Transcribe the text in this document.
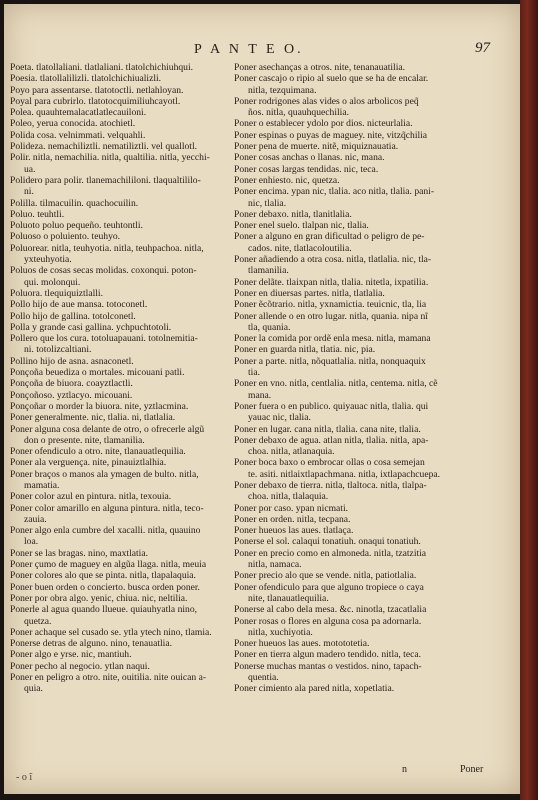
P A N T E O.	97
Poeta. tlatollaliani. tlatlaliani. tlatolchichiuhqui.
Poesia. tlatollalilizli. tlatolchichiualizli.
Poyo para assentarse. tlatotoctli. netlahloyan.
Poyal para cubrirlo. tlatotocquimiliuhcayotl.
Polea. quauhtemalacatlatlecauiloni.
Poleo, yerua conocida. atochietl.
Polida cosa. velnimmati. velquahli.
Polideza. nemachiliztli. nematiliztli. vel quallotl.
Polir. nitla, nemachilia. nitla, qualtilia. nitla, yecchi-
ua.
Polidero para polir. tlanemachililoni. tlaqualtililo-
ni.
Polilla. tilmacuilin. quachocuilin.
Poluo. teuhtli.
Poluoto poluo pequeño. teuhtontli.
Poluoso o poluiento. teuhyo.
Poluorear. nitla, teuhyotia. nitla, teuhpachoa. nitla,
yxteuhyotia.
Poluos de cosas secas molidas. coxonqui. poton-
qui. molonqui.
Poluora. tlequiquiztlalli.
Pollo hijo de aue mansa. totoconetl.
Pollo hijo de gallina. totolconetl.
Polla y grande casi gallina. ychpuchtotoli.
Pollero que los cura. totoluapauani. totolnemitia-
ni. totolizcaltiani.
Pollino hijo de asna. asnaconetl.
Ponçoña beuediza o mortales. micouani patli.
Ponçoña de biuora. coayztlactli.
Ponçoñoso. yztlacyo. micouani.
Ponçoñar o morder la biuora. nite, yztlacmina.
Poner generalmente. nic, tlalia. ni, tlatlalia.
Poner alguna cosa delante de otro, o ofrecerle algũ
don o presente. nite, tlamanilia.
Poner ofendiculo a otro. nite, tlanauatlequilia.
Poner ala verguença. nite, pinauiztlalhia.
Poner braços o manos ala ymagen de bulto. nitla,
mamatia.
Poner color azul en pintura. nitla, texouia.
Poner color amarillo en alguna pintura. nitla, teco-
zauia.
Poner algo enla cumbre del xacalli. nitla, quauino
loa.
Poner se las bragas. nino, maxtlatia.
Poner çumo de maguey en algũa llaga. nitla, meuia
Poner colores alo que se pinta. nitla, tlapalaquia.
Poner buen orden o concierto. busca orden poner.
Poner por obra algo. yenic, chiua. nic, neltilia.
Ponerle al agua quando llueue. quiauhyatla nino,
quetza.
Poner achaque sel cusado se. ytla ytech nino, tlamia.
Ponerse detras de alguno. nino, tenauatlia.
Poner algo e yrse. nic, mantiuh.
Poner pecho al negocio. ytlan naqui.
Poner en peligro a otro. nite, ouitilia. nite ouican a-
quia.
Poner asechanças a otros. nite, tenanauatilia.
Poner cascajo o ripio al suelo que se ha de encalar.
nitla, tezquimana.
Poner rodrigones alas vides o alos arbolicos peq̃
ños. nitla, quauhquechilia.
Poner o establecer ydolo por dios. nicteurlalia.
Poner espinas o puyas de maguey. nite, vitzq̃chilia
Poner pena de muerte. nitẽ, miquiznauatia.
Poner cosas anchas o llanas. nic, mana.
Poner cosas largas tendidas. nic, teca.
Poner enhiesto. nic, quetza.
Poner encima. ypan nic, tlalia. aco nitla, tlalia. pani-
nic, tlalia.
Poner debaxo. nitla, tlanitlalia.
Poner enel suelo. tlalpan nic, tlalia.
Poner a alguno en gran dificultad o peligro de pe-
cados. nite, tlatlacoloutilia.
Poner añadiendo a otra cosa. nitla, tlatlalia. nic, tla-
tlamanilia.
Poner delãte. tlaixpan nitla, tlalia. nitetla, ixpatilia.
Poner en diuersas partes. nitla, tlatlalia.
Poner ẽcõtrario. nitla, yxnamictia. teuicnic, tla, lia
Poner allende o en otro lugar. nitla, quania. nipa nĩ
tla, quania.
Poner la comida por ordẽ enla mesa. nitla, mamana
Poner en guarda nitla, tlatia. nic, pia.
Poner a parte. nitla, nõquatlalia. nitla, nonquaquix
tia.
Poner en vno. nitla, centlalia. nitla, centema. nitla, cẽ
mana.
Poner fuera o en publico. quiyauac nitla, tlalia. qui
yauac nic, tlalia.
Poner en lugar. cana nitla, tlalia. cana nite, tlalia.
Poner debaxo de agua. atlan nitla, tlalia. nitla, apa-
choa. nitla, atlanaquia.
Poner boca baxo o embrocar ollas o cosa semejan
te. asiti. nitlaixtlapachmana. nitla, ixtlapachcuepa.
Poner debaxo de tierra. nitla, tlaltoca. nitla, tlalpa-
choa. nitla, tlalaquia.
Poner por caso. ypan nicmati.
Poner en orden. nitla, tecpana.
Poner hueuos las aues. tlatlaça.
Ponerse el sol. calaqui tonatiuh. onaqui tonatiuh.
Poner en precio como en almoneda. nitla, tzatzitia
nitla, namaca.
Poner precio alo que se vende. nitla, patiotlalia.
Poner ofendiculo para que alguno tropiece o caya
nite, tlanauatlequilia.
Ponerse al cabo dela mesa. &c. ninotla, tzacatlalia
Poner rosas o flores en alguna cosa pa adornarla.
nitla, xuchiyotia.
Poner hueuos las aues. motototetia.
Poner en tierra algun madero tendido. nitla, teca.
Ponerse muchas mantas o vestidos. nino, tapach-
quentia.
Poner cimiento ala pared nitla, xopetlatia.
- o ĩ
n	Poner
